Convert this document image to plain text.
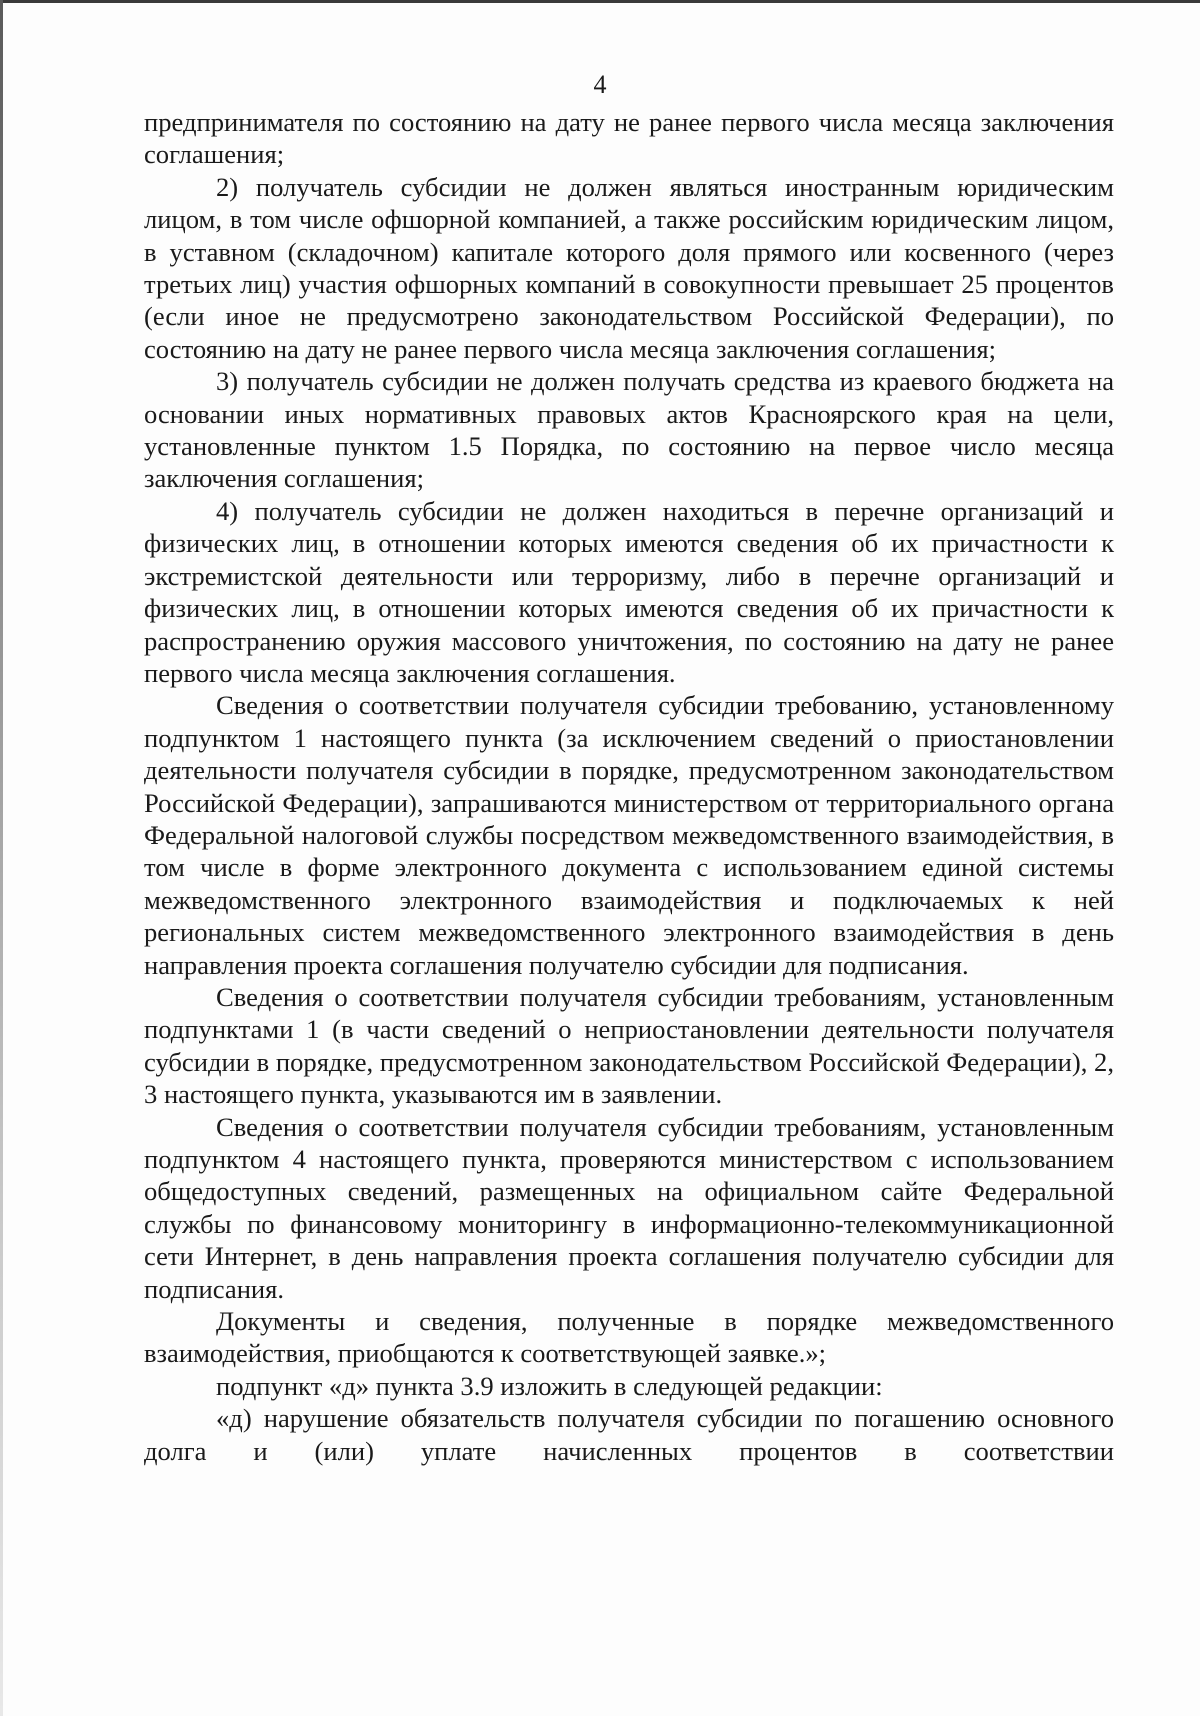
4

предпринимателя по состоянию на дату не ранее первого числа месяца заключения соглашения;

2) получатель субсидии не должен являться иностранным юридическим лицом, в том числе офшорной компанией, а также российским юридическим лицом, в уставном (складочном) капитале которого доля прямого или косвенного (через третьих лиц) участия офшорных компаний в совокупности превышает 25 процентов (если иное не предусмотрено законодательством Российской Федерации), по состоянию на дату не ранее первого числа месяца заключения соглашения;

3) получатель субсидии не должен получать средства из краевого бюджета на основании иных нормативных правовых актов Красноярского края на цели, установленные пунктом 1.5 Порядка, по состоянию на первое число месяца заключения соглашения;

4) получатель субсидии не должен находиться в перечне организаций и физических лиц, в отношении которых имеются сведения об их причастности к экстремистской деятельности или терроризму, либо в перечне организаций и физических лиц, в отношении которых имеются сведения об их причастности к распространению оружия массового уничтожения, по состоянию на дату не ранее первого числа месяца заключения соглашения.

Сведения о соответствии получателя субсидии требованию, установленному подпунктом 1 настоящего пункта (за исключением сведений о приостановлении деятельности получателя субсидии в порядке, предусмотренном законодательством Российской Федерации), запрашиваются министерством от территориального органа Федеральной налоговой службы посредством межведомственного взаимодействия, в том числе в форме электронного документа с использованием единой системы межведомственного электронного взаимодействия и подключаемых к ней региональных систем межведомственного электронного взаимодействия в день направления проекта соглашения получателю субсидии для подписания.

Сведения о соответствии получателя субсидии требованиям, установленным подпунктами 1 (в части сведений о неприостановлении деятельности получателя субсидии в порядке, предусмотренном законодательством Российской Федерации), 2, 3 настоящего пункта, указываются им в заявлении.

Сведения о соответствии получателя субсидии требованиям, установленным подпунктом 4 настоящего пункта, проверяются министерством с использованием общедоступных сведений, размещенных на официальном сайте Федеральной службы по финансовому мониторингу в информационно-телекоммуникационной сети Интернет, в день направления проекта соглашения получателю субсидии для подписания.

Документы и сведения, полученные в порядке межведомственного взаимодействия, приобщаются к соответствующей заявке.»;

подпункт «д» пункта 3.9 изложить в следующей редакции:

«д) нарушение обязательств получателя субсидии по погашению основного долга и (или) уплате начисленных процентов в соответствии
